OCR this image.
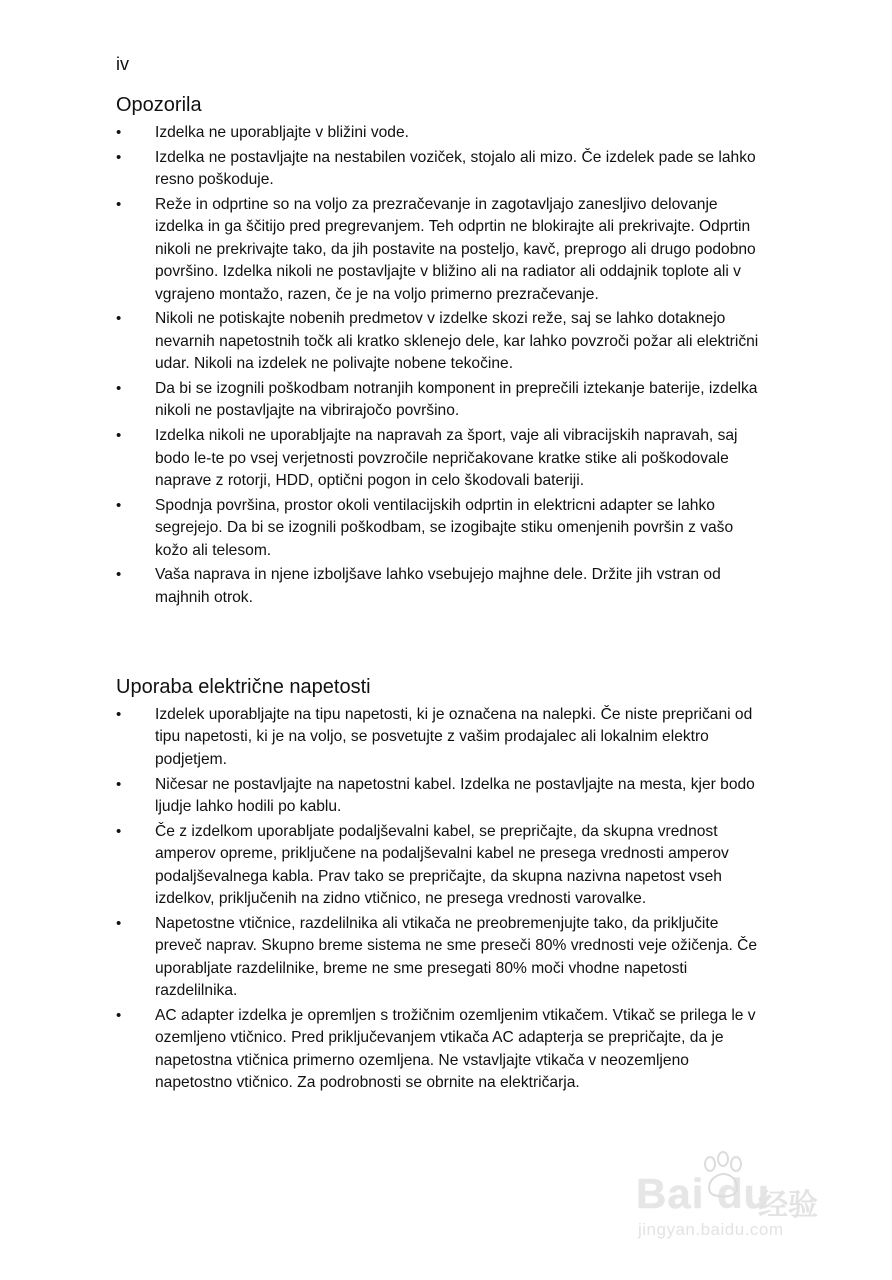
iv
Opozorila
• Izdelka ne uporabljajte v bližini vode.
• Izdelka ne postavljajte na nestabilen voziček, stojalo ali mizo. Če izdelek pade se lahko resno poškoduje.
• Reže in odprtine so na voljo za prezračevanje in zagotavljajo zanesljivo delovanje izdelka in ga ščitijo pred pregrevanjem. Teh odprtin ne blokirajte ali prekrivajte. Odprtin nikoli ne prekrivajte tako, da jih postavite na posteljo, kavč, preprogo ali drugo podobno površino. Izdelka nikoli ne postavljajte v bližino ali na radiator ali oddajnik toplote ali v vgrajeno montažo, razen, če je na voljo primerno prezračevanje.
• Nikoli ne potiskajte nobenih predmetov v izdelke skozi reže, saj se lahko dotaknejo nevarnih napetostnih točk ali kratko sklenejo dele, kar lahko povzroči požar ali električni udar. Nikoli na izdelek ne polivajte nobene tekočine.
• Da bi se izognili poškodbam notranjih komponent in preprečili iztekanje baterije, izdelka nikoli ne postavljajte na vibrirajočo površino.
• Izdelka nikoli ne uporabljajte na napravah za šport, vaje ali vibracijskih napravah, saj bodo le-te po vsej verjetnosti povzročile nepričakovane kratke stike ali poškodovale naprave z rotorji, HDD, optični pogon in celo škodovali bateriji.
• Spodnja površina, prostor okoli ventilacijskih odprtin in elektricni adapter se lahko segrejejo. Da bi se izognili poškodbam, se izogibajte stiku omenjenih površin z vašo kožo ali telesom.
• Vaša naprava in njene izboljšave lahko vsebujejo majhne dele. Držite jih vstran od majhnih otrok.
Uporaba električne napetosti
• Izdelek uporabljajte na tipu napetosti, ki je označena na nalepki. Če niste prepričani od tipu napetosti, ki je na voljo, se posvetujte z vašim prodajalec ali lokalnim elektro podjetjem.
• Ničesar ne postavljajte na napetostni kabel. Izdelka ne postavljajte na mesta, kjer bodo ljudje lahko hodili po kablu.
• Če z izdelkom uporabljate podaljševalni kabel, se prepričajte, da skupna vrednost amperov opreme, priključene na podaljševalni kabel ne presega vrednosti amperov podaljševalnega kabla. Prav tako se prepričajte, da skupna nazivna napetost vseh izdelkov, priključenih na zidno vtičnico, ne presega vrednosti varovalke.
• Napetostne vtičnice, razdelilnika ali vtikača ne preobremenjujte tako, da priključite preveč naprav. Skupno breme sistema ne sme preseči 80% vrednosti veje ožičenja. Če uporabljate razdelilnike, breme ne sme presegati 80% moči vhodne napetosti razdelilnika.
• AC adapter izdelka je opremljen s trožičnim ozemljenim vtikačem. Vtikač se prilega le v ozemljeno vtičnico. Pred priključevanjem vtikača AC adapterja se prepričajte, da je napetostna vtičnica primerno ozemljena. Ne vstavljajte vtikača v neozemljeno napetostno vtičnico. Za podrobnosti se obrnite na električarja.
Bai du
经验
jingyan.baidu.com
